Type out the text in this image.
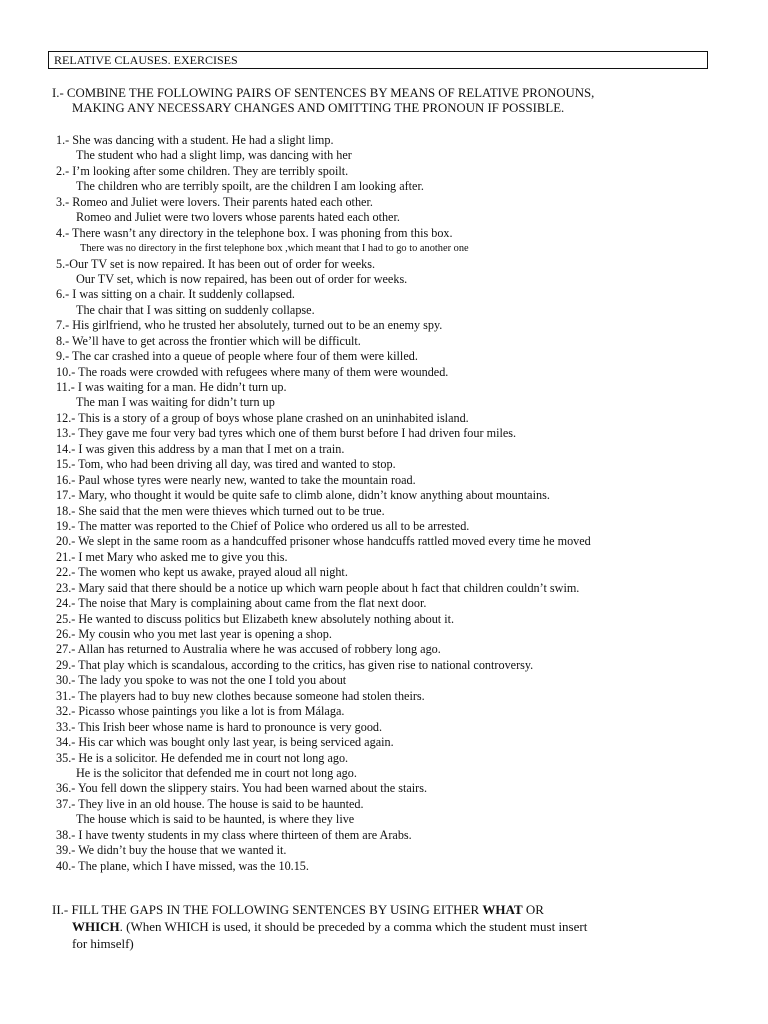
RELATIVE CLAUSES. EXERCISES
I.- COMBINE THE FOLLOWING PAIRS OF SENTENCES BY MEANS OF RELATIVE PRONOUNS,
MAKING ANY NECESSARY CHANGES AND OMITTING THE PRONOUN IF POSSIBLE.
1.- She was dancing with a student. He had a slight limp.
The student who had a slight limp, was dancing with her
2.- I’m looking after some children. They are terribly spoilt.
The children who are terribly spoilt, are the children I am looking after.
3.- Romeo and Juliet were lovers. Their parents hated each other.
Romeo and Juliet were two lovers whose parents hated each other.
4.- There wasn’t any directory in the telephone box. I was phoning from this box.
There was no directory in the first telephone box ,which meant that I had to go to another one
5.-Our TV set is now repaired. It has been out of order for weeks.
Our TV set, which is now repaired, has been out of order for weeks.
6.- I was sitting on a chair. It suddenly collapsed.
The chair that I was sitting on suddenly collapse.
7.- His girlfriend, who he trusted her absolutely, turned out to be an enemy spy.
8.- We’ll have to get across the frontier which will be difficult.
9.- The car crashed into a queue of people where four of them were killed.
10.- The roads were crowded with refugees where many of them were wounded.
11.- I was waiting for a man. He didn’t turn up.
The man I was waiting for didn’t turn up
12.- This is a story of a group of boys whose plane crashed on an uninhabited island.
13.- They gave me four very bad tyres which one of them burst before I had driven four miles.
14.- I was given this address by a man that I met on a train.
15.- Tom, who had been driving all day, was tired and wanted to stop.
16.- Paul whose tyres were nearly new, wanted to take the mountain road.
17.- Mary, who thought it would be quite safe to climb alone, didn’t know anything about mountains.
18.- She said that the men were thieves which turned out to be true.
19.- The matter was reported to the Chief of Police who ordered us all to be arrested.
20.- We slept in the same room as a handcuffed prisoner whose handcuffs rattled moved every time he moved
21.- I met Mary who asked me to give you this.
22.- The women who kept us awake, prayed aloud all night.
23.- Mary said that there should be a notice up which warn people about h fact that children couldn’t swim.
24.- The noise that Mary is complaining about came from the flat next door.
25.- He wanted to discuss politics but Elizabeth knew absolutely nothing about it.
26.- My cousin who you met last year is opening a shop.
27.- Allan has returned to Australia where he was accused of robbery long ago.
29.- That play which is scandalous, according to the critics, has given rise to national controversy.
30.- The lady you spoke to was not the one I told you about
31.- The players had to buy new clothes because someone had stolen theirs.
32.- Picasso whose paintings you like a lot is from Málaga.
33.- This Irish beer whose name is hard to pronounce is very good.
34.- His car which was bought only last year, is being serviced again.
35.- He is a solicitor. He defended me in court not long ago.
He is the solicitor that defended me in court not long ago.
36.- You fell down the slippery stairs. You had been warned about the stairs.
37.- They live in an old house. The house is said to be haunted.
The house which is said to be haunted, is where they live
38.- I have twenty students in my class where thirteen of them are Arabs.
39.- We didn’t buy the house that we wanted it.
40.- The plane, which I have missed, was the 10.15.
II.- FILL THE GAPS IN THE FOLLOWING SENTENCES BY USING EITHER WHAT OR
WHICH. (When WHICH is used, it should be preceded by a comma which the student must insert
for himself)
